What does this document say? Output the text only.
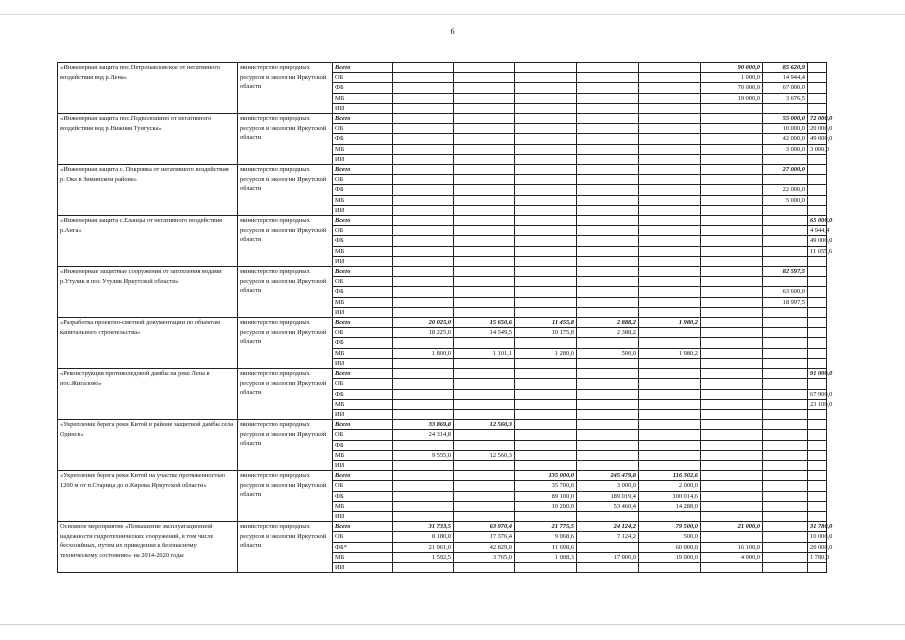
6
«Инженерная защита пос.Петропавловское от негативного воздействия вод р.Лена»	министерство природных ресурсов и экологии Иркутской области	Всего						90 000,0	85 620,9	
		ОБ						1 000,0	14 944,4	
		ФБ						70 000,0	67 000,0	
		МБ						19 000,0	3 676,5	
		ИИ								
«Инженерная защита пос.Подволошино от негативного воздействия вод р.Нижняя Тунгуска»	министерство природных ресурсов и экологии Иркутской области	Всего							55 000,0	72 000,0
		ОБ							10 000,0	20 000,0
		ФБ							42 000,0	49 000,0
		МБ							3 000,0	3 000,0
		ИИ								
«Инженерная защита с. Покровка от негативного воздействия р. Ока в Зиминском районе»	министерство природных ресурсов и экологии Иркутской области	Всего							27 000,0	
		ОБ								
		ФБ							22 000,0	
		МБ							5 000,0	
		ИИ								
«Инженерная защита с.Еланцы от негативного воздействия р.Анга»	министерство природных ресурсов и экологии Иркутской области	Всего								65 000,0
		ОБ								4 944,4
		ФБ								49 000,0
		МБ								11 055,6
		ИИ								
«Инженерные защитные сооружения от затопления водами р.Утулик в пос Утулик Иркутской области»	министерство природных ресурсов и экологии Иркутской области	Всего							82 597,5	
		ОБ								
		ФБ							63 600,0	
		МБ							18 997,5	
		ИИ								
«Разработка проектно-сметной документации по объектам капитального строительства»	министерство природных ресурсов и экологии Иркутской области	Всего	20 025,0	15 650,6	11 455,8	2 888,2	1 980,2			
		ОБ	18 225,0	14 549,5	10 175,8	2 388,2				
		ФБ								
		МБ	1 800,0	1 101,1	1 280,0	500,0	1 980,2			
		ИИ								
«Реконструкция противоледовой дамбы на реке Лена в пос.Жигалово»	министерство природных ресурсов и экологии Иркутской области	Всего								91 000,0
		ОБ								
		ФБ								67 900,0
		МБ								23 100,0
		ИИ								
«Укрепление берега реки Китой в районе защитной дамбы села Одинск»	министерство природных ресурсов и экологии Иркутской области	Всего	33 869,8	12 560,3						
		ОБ	24 314,8							
		ФБ								
		МБ	9 555,0	12 560,3						
		ИИ								
«Укрепление берега реки Китой на участке протяженностью 1200 м от п.Старица до п.Кирова Иркутской области»	министерство природных ресурсов и экологии Иркутской области	Всего			135 000,0	245 479,8	116 302,6			
		ОБ			35 700,0	3 000,0	2 000,0			
		ФБ			89 100,0	189 019,4	100 014,6			
		МБ			10 200,0	53 460,4	14 288,0			
		ИИ								
Основное мероприятие «Повышение эксплуатационной надежности гидротехнических сооружений, в том числе бесхозяйных, путем их приведения к безопасному техническому состоянию» на 2014-2020 годы	министерство природных ресурсов и экологии Иркутской области	Всего	31 733,5	63 970,4	21 775,5	24 124,2	79 500,0	21 000,0		31 780,0
		ОБ	8 180,0	17 376,4	9 068,6	7 124,2	500,0			10 000,0
		ФБ*	21 961,0	42 829,0	11 698,6		60 000,0	16 100,0		20 000,0
		МБ	1 592,5	3 765,0	1 008,3	17 000,0	19 000,0	4 900,0		1 780,0
		ИИ								
